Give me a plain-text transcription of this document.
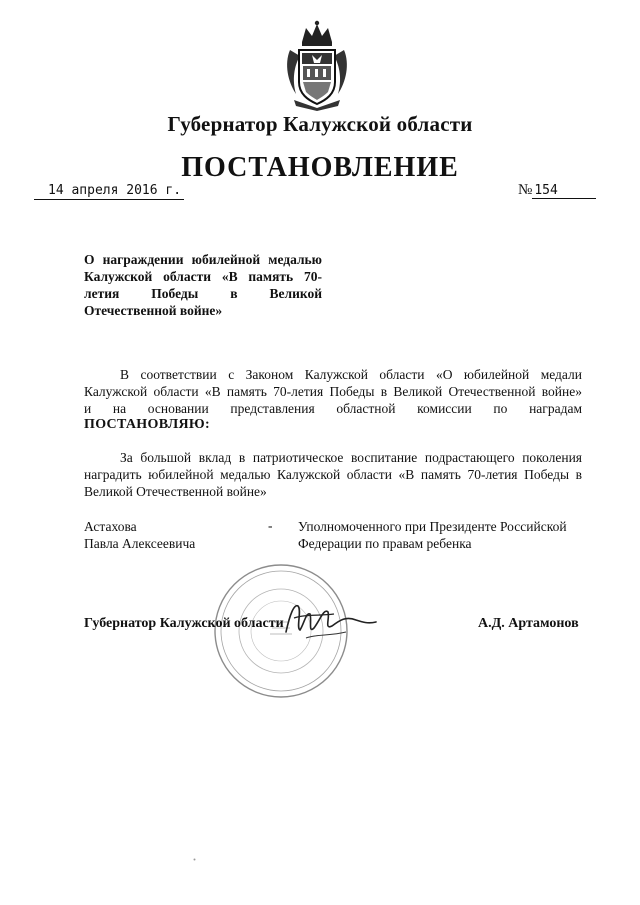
Губернатор Калужской области
ПОСТАНОВЛЕНИЕ
14 апреля 2016 г.	№ 154
О награждении юбилейной медалью Калужской области «В память 70-летия Победы в Великой Отечественной войне»
В соответствии с Законом Калужской области «О юбилейной медали
Калужской области «В память 70-летия Победы в Великой Отечественной войне»
и на основании представления областной комиссии по наградам
ПОСТАНОВЛЯЮ:
За большой вклад в патриотическое воспитание подрастающего поколения наградить юбилейной медалью Калужской области «В память 70-летия Победы в Великой Отечественной войне»
Астахова
Павла Алексеевича
- Уполномоченного при Президенте Российской
Федерации по правам ребенка
Губернатор Калужской области	А.Д. Артамонов
